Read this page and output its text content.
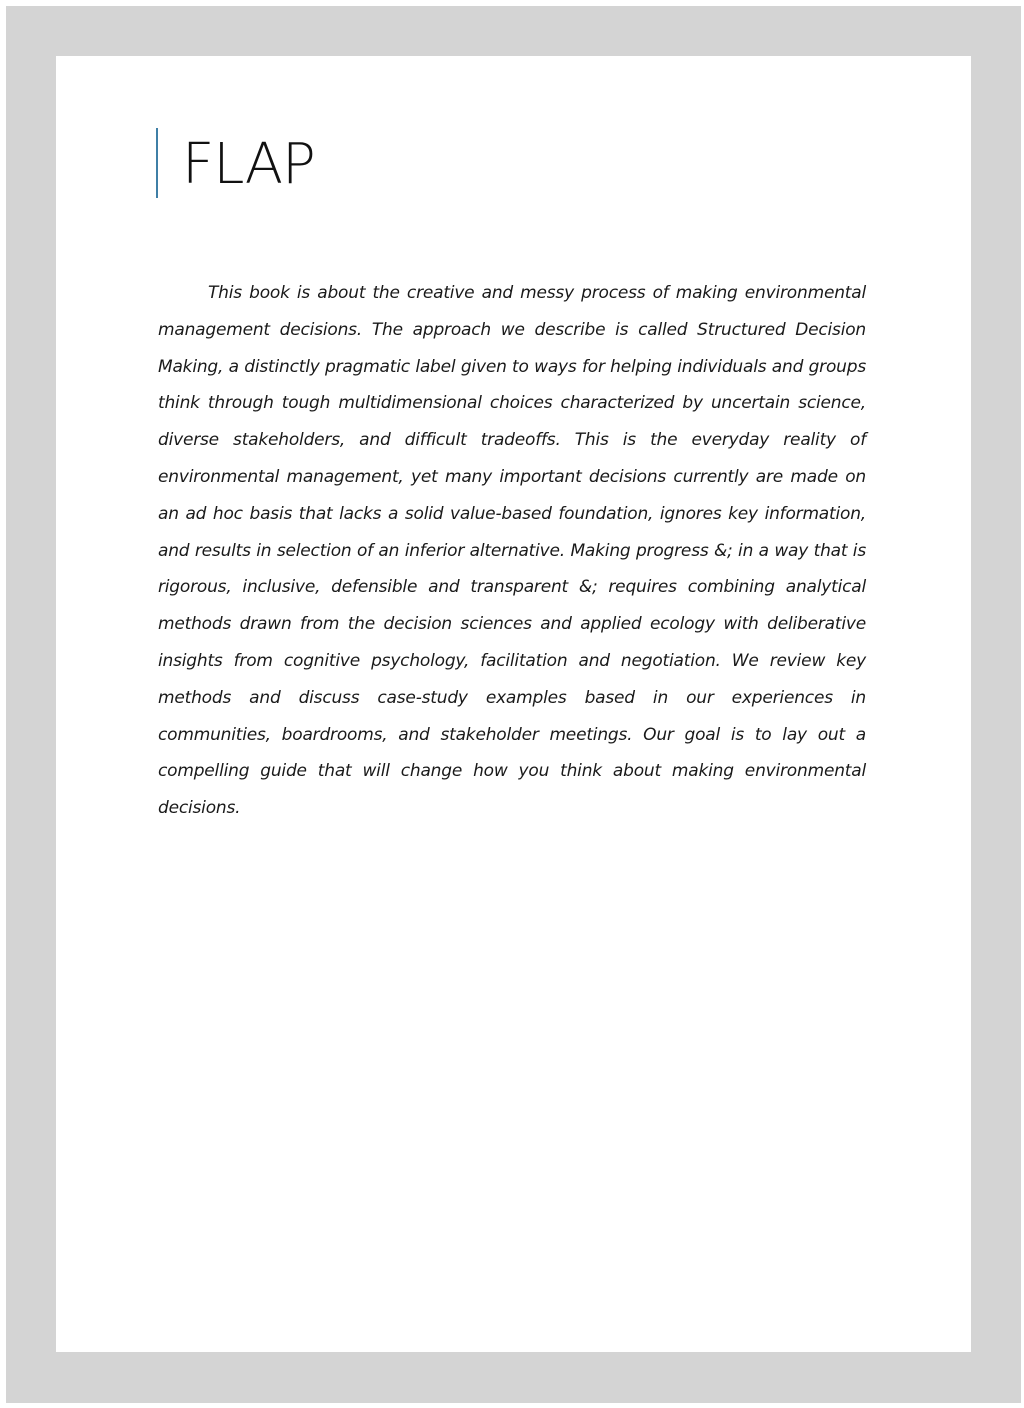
FLAP

This book is about the creative and messy process of making environmental management decisions. The approach we describe is called Structured Decision Making, a distinctly pragmatic label given to ways for helping individuals and groups think through tough multidimensional choices characterized by uncertain science, diverse stakeholders, and difficult tradeoffs. This is the everyday reality of environmental management, yet many important decisions currently are made on an ad hoc basis that lacks a solid value-based foundation, ignores key information, and results in selection of an inferior alternative. Making progress &; in a way that is rigorous, inclusive, defensible and transparent &; requires combining analytical methods drawn from the decision sciences and applied ecology with deliberative insights from cognitive psychology, facilitation and negotiation. We review key methods and discuss case-study examples based in our experiences in communities, boardrooms, and stakeholder meetings. Our goal is to lay out a compelling guide that will change how you think about making environmental decisions.
